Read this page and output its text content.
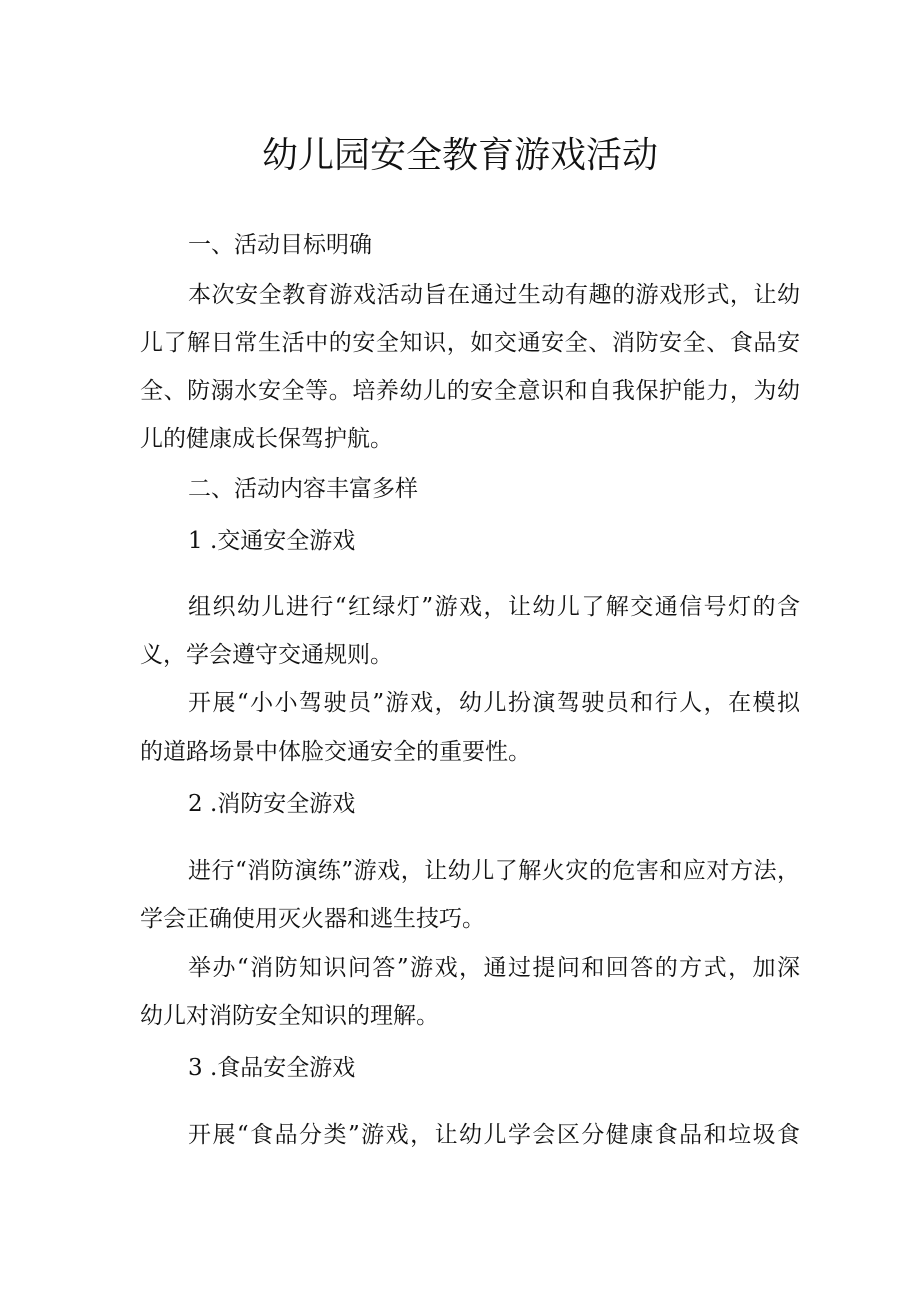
幼儿园安全教育游戏活动
一、活动目标明确
本次安全教育游戏活动旨在通过生动有趣的游戏形式，让幼
儿了解日常生活中的安全知识，如交通安全、消防安全、食品安
全、防溺水安全等。培养幼儿的安全意识和自我保护能力，为幼
儿的健康成长保驾护航。
二、活动内容丰富多样
1 .交通安全游戏
组织幼儿进行“红绿灯”游戏，让幼儿了解交通信号灯的含
义，学会遵守交通规则。
开展“小小驾驶员”游戏，幼儿扮演驾驶员和行人，在模拟
的道路场景中体脸交通安全的重要性。
2 .消防安全游戏
进行“消防演练”游戏，让幼儿了解火灾的危害和应对方法，
学会正确使用灭火器和逃生技巧。
举办“消防知识问答”游戏，通过提问和回答的方式，加深
幼儿对消防安全知识的理解。
3 .食品安全游戏
开展“食品分类”游戏，让幼儿学会区分健康食品和垃圾食
